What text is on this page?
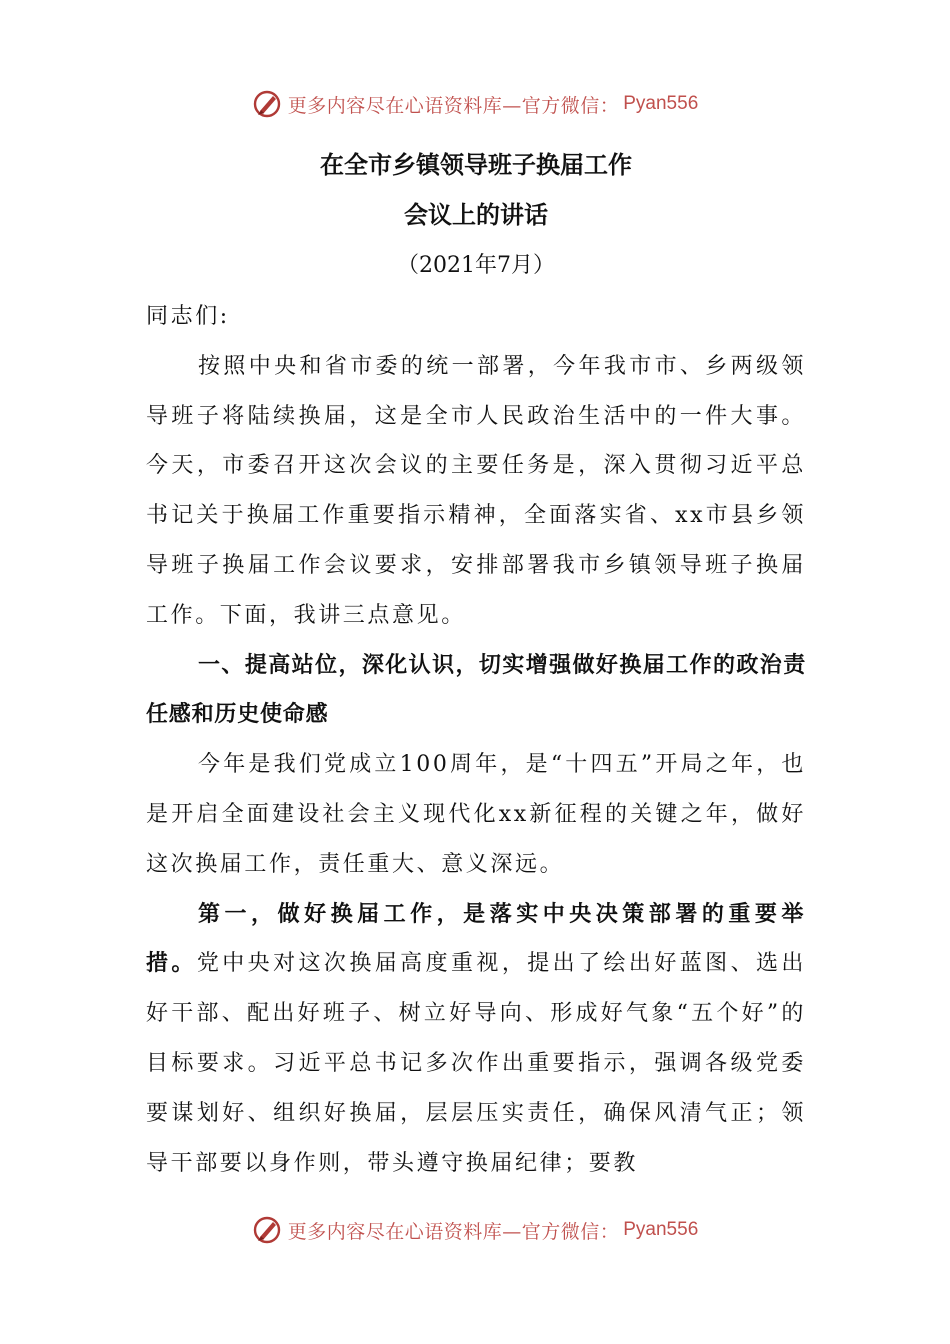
更多内容尽在心语资料库—官方微信： Pyan556

在全市乡镇领导班子换届工作

会议上的讲话

（2021年7月）

同志们:

按照中央和省市委的统一部署，今年我市市、乡两级领导班子将陆续换届，这是全市人民政治生活中的一件大事。今天，市委召开这次会议的主要任务是，深入贯彻习近平总书记关于换届工作重要指示精神，全面落实省、xx市县乡领导班子换届工作会议要求，安排部署我市乡镇领导班子换届工作。下面，我讲三点意见。

一、提高站位，深化认识，切实增强做好换届工作的政治责任感和历史使命感

今年是我们党成立100周年，是“十四五”开局之年，也是开启全面建设社会主义现代化xx新征程的关键之年，做好这次换届工作，责任重大、意义深远。

第一，做好换届工作，是落实中央决策部署的重要举措。党中央对这次换届高度重视，提出了绘出好蓝图、选出好干部、配出好班子、树立好导向、形成好气象“五个好”的目标要求。习近平总书记多次作出重要指示，强调各级党委要谋划好、组织好换届，层层压实责任，确保风清气正；领导干部要以身作则，带头遵守换届纪律；要教

更多内容尽在心语资料库—官方微信： Pyan556
